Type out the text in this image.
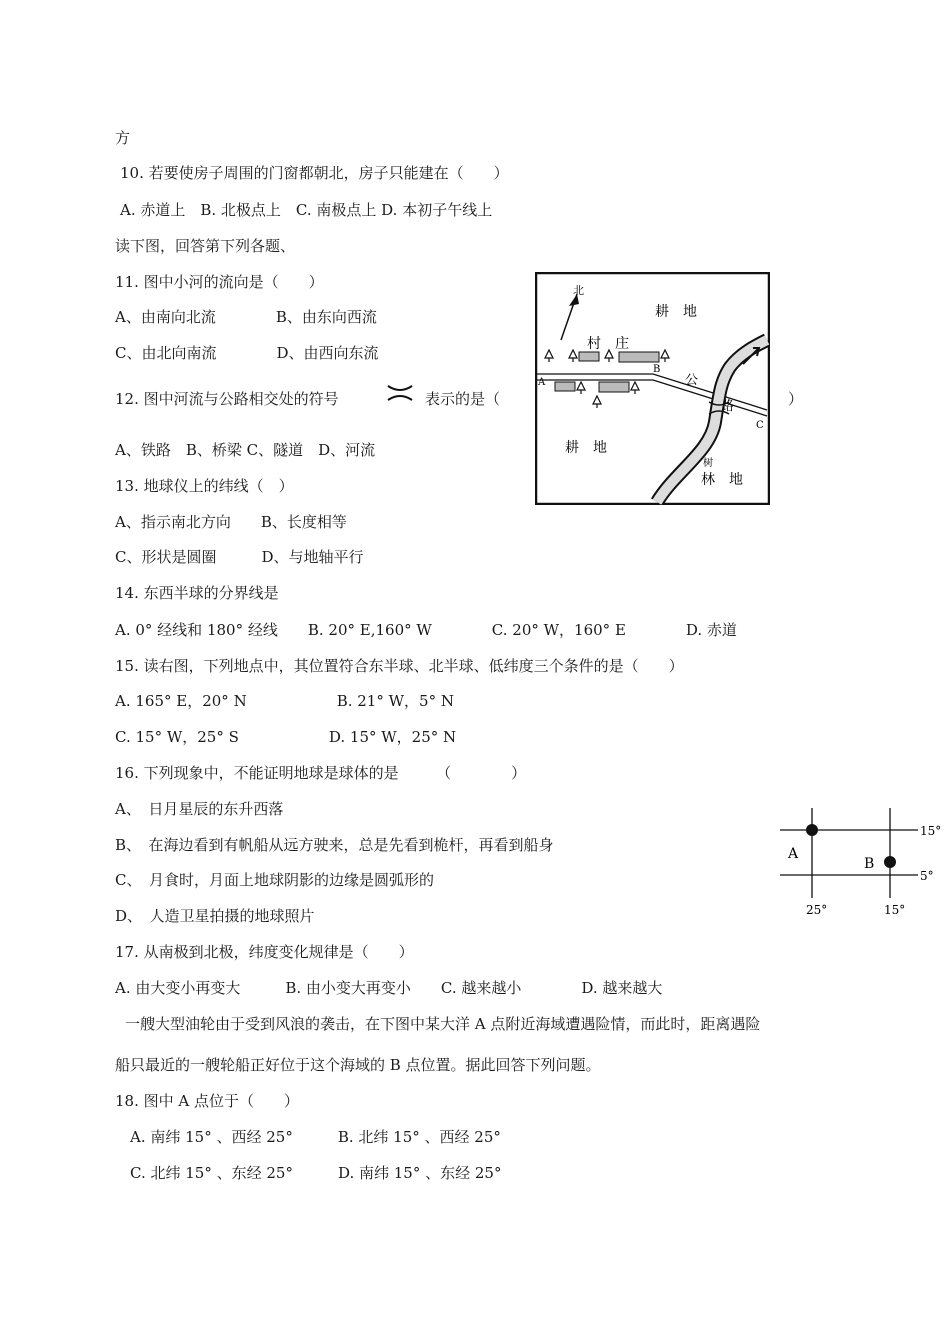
方
10. 若要使房子周围的门窗都朝北，房子只能建在（　　）
A. 赤道上　B. 北极点上　C. 南极点上 D. 本初子午线上
读下图，回答第下列各题、
11. 图中小河的流向是（　　）
A、由南向北流　　　　B、由东向西流
C、由北向南流　　　　D、由西向东流
12. 图中河流与公路相交处的符号	表示的是（	）
A、铁路　B、桥梁 C、隧道　D、河流
13. 地球仪上的纬线（　）
A、指示南北方向　　B、长度相等
C、形状是圆圈　　　D、与地轴平行
14. 东西半球的分界线是
A. 0° 经线和 180° 经线　　B. 20° E,160° W　　　　C. 20° W，160° E　　　　D. 赤道
15. 读右图，下列地点中，其位置符合东半球、北半球、低纬度三个条件的是（　　）
A. 165° E，20° N　　　　　　B. 21° W，5° N
C. 15° W，25° S　　　　　　D. 15° W，25° N
16. 下列现象中，不能证明地球是球体的是　　　（　　　　）
A、　日月星辰的东升西落
B、　在海边看到有帆船从远方驶来，总是先看到桅杆，再看到船身
C、　月食时，月面上地球阴影的边缘是圆弧形的
D、　人造卫星拍摄的地球照片
17. 从南极到北极，纬度变化规律是（　　）
A. 由大变小再变大　　　B. 由小变大再变小　　C. 越来越小　　　　D. 越来越大
一艘大型油轮由于受到风浪的袭击，在下图中某大洋 A 点附近海域遭遇险情，而此时，距离遇险
船只最近的一艘轮船正好位于这个海域的 B 点位置。据此回答下列问题。
18. 图中 A 点位于（　　）
A. 南纬 15° 、西经 25°　　　B. 北纬 15° 、西经 25°
C. 北纬 15° 、东经 25°　　　D. 南纬 15° 、东经 25°
北
耕　地
村　庄
A
B
C
公
路
耕　地
树
林　地
A
B
15°
5°
25°	15°
